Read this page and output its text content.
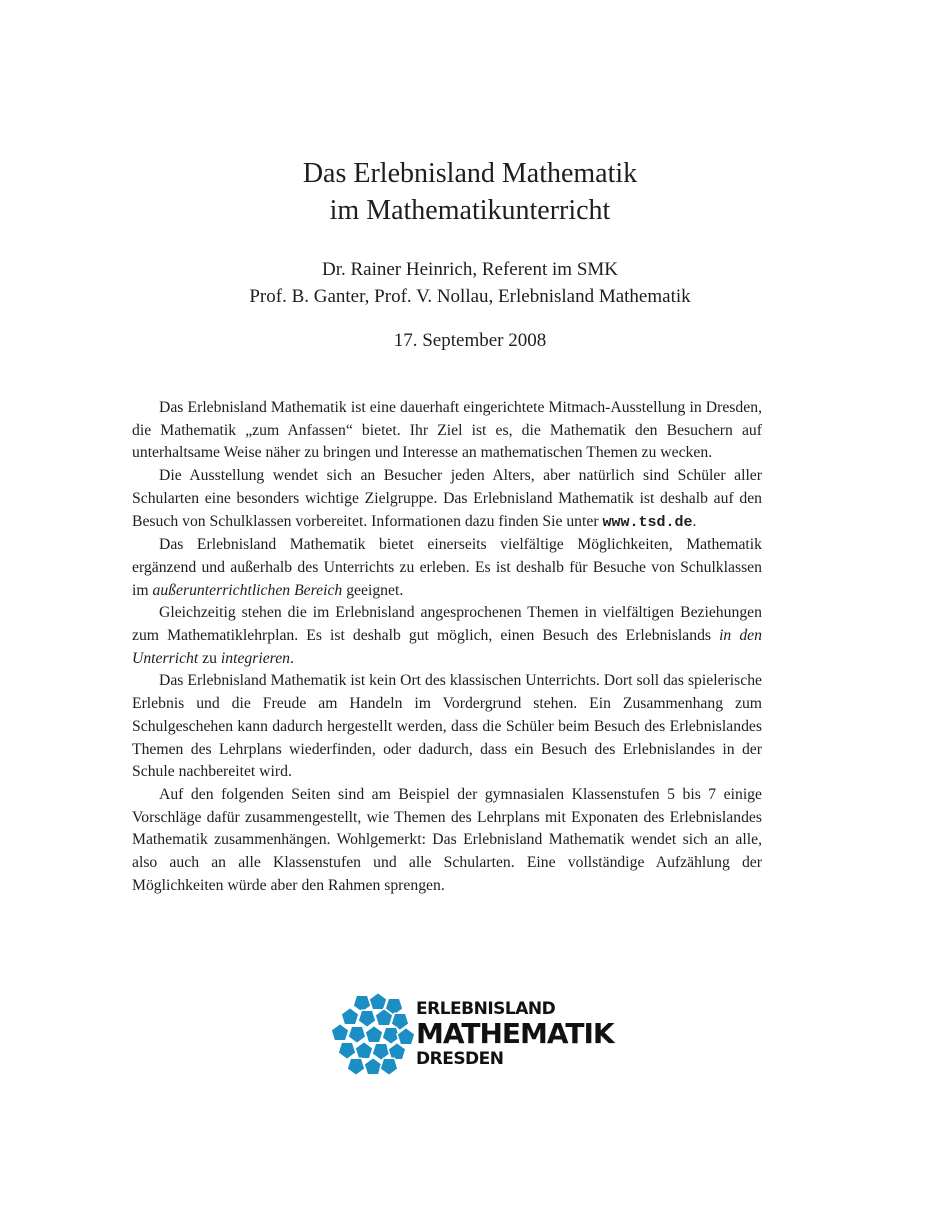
Das Erlebnisland Mathematik
im Mathematikunterricht
Dr. Rainer Heinrich, Referent im SMK
Prof. B. Ganter, Prof. V. Nollau, Erlebnisland Mathematik
17. September 2008

Das Erlebnisland Mathematik ist eine dauerhaft eingerichtete Mitmach-Ausstellung in Dresden, die Mathematik „zum Anfassen“ bietet. Ihr Ziel ist es, die Mathematik den Besuchern auf unterhaltsame Weise näher zu bringen und Interesse an mathematischen Themen zu wecken.

Die Ausstellung wendet sich an Besucher jeden Alters, aber natürlich sind Schüler aller Schularten eine besonders wichtige Zielgruppe. Das Erlebnisland Mathematik ist deshalb auf den Besuch von Schulklassen vorbereitet. Informationen dazu finden Sie unter www.tsd.de.

Das Erlebnisland Mathematik bietet einerseits vielfältige Möglichkeiten, Mathematik ergänzend und außerhalb des Unterrichts zu erleben. Es ist deshalb für Besuche von Schulklassen im außerunterrichtlichen Bereich geeignet.

Gleichzeitig stehen die im Erlebnisland angesprochenen Themen in vielfältigen Beziehungen zum Mathematiklehrplan. Es ist deshalb gut möglich, einen Besuch des Erlebnislands in den Unterricht zu integrieren.

Das Erlebnisland Mathematik ist kein Ort des klassischen Unterrichts. Dort soll das spielerische Erlebnis und die Freude am Handeln im Vordergrund stehen. Ein Zusammenhang zum Schulgeschehen kann dadurch hergestellt werden, dass die Schüler beim Besuch des Erlebnislandes Themen des Lehrplans wiederfinden, oder dadurch, dass ein Besuch des Erlebnislandes in der Schule nachbereitet wird.

Auf den folgenden Seiten sind am Beispiel der gymnasialen Klassenstufen 5 bis 7 einige Vorschläge dafür zusammengestellt, wie Themen des Lehrplans mit Exponaten des Erlebnislandes Mathematik zusammenhängen. Wohlgemerkt: Das Erlebnisland Mathematik wendet sich an alle, also auch an alle Klassenstufen und alle Schularten. Eine vollständige Aufzählung der Möglichkeiten würde aber den Rahmen sprengen.

ERLEBNISLAND
MATHEMATIK
DRESDEN
